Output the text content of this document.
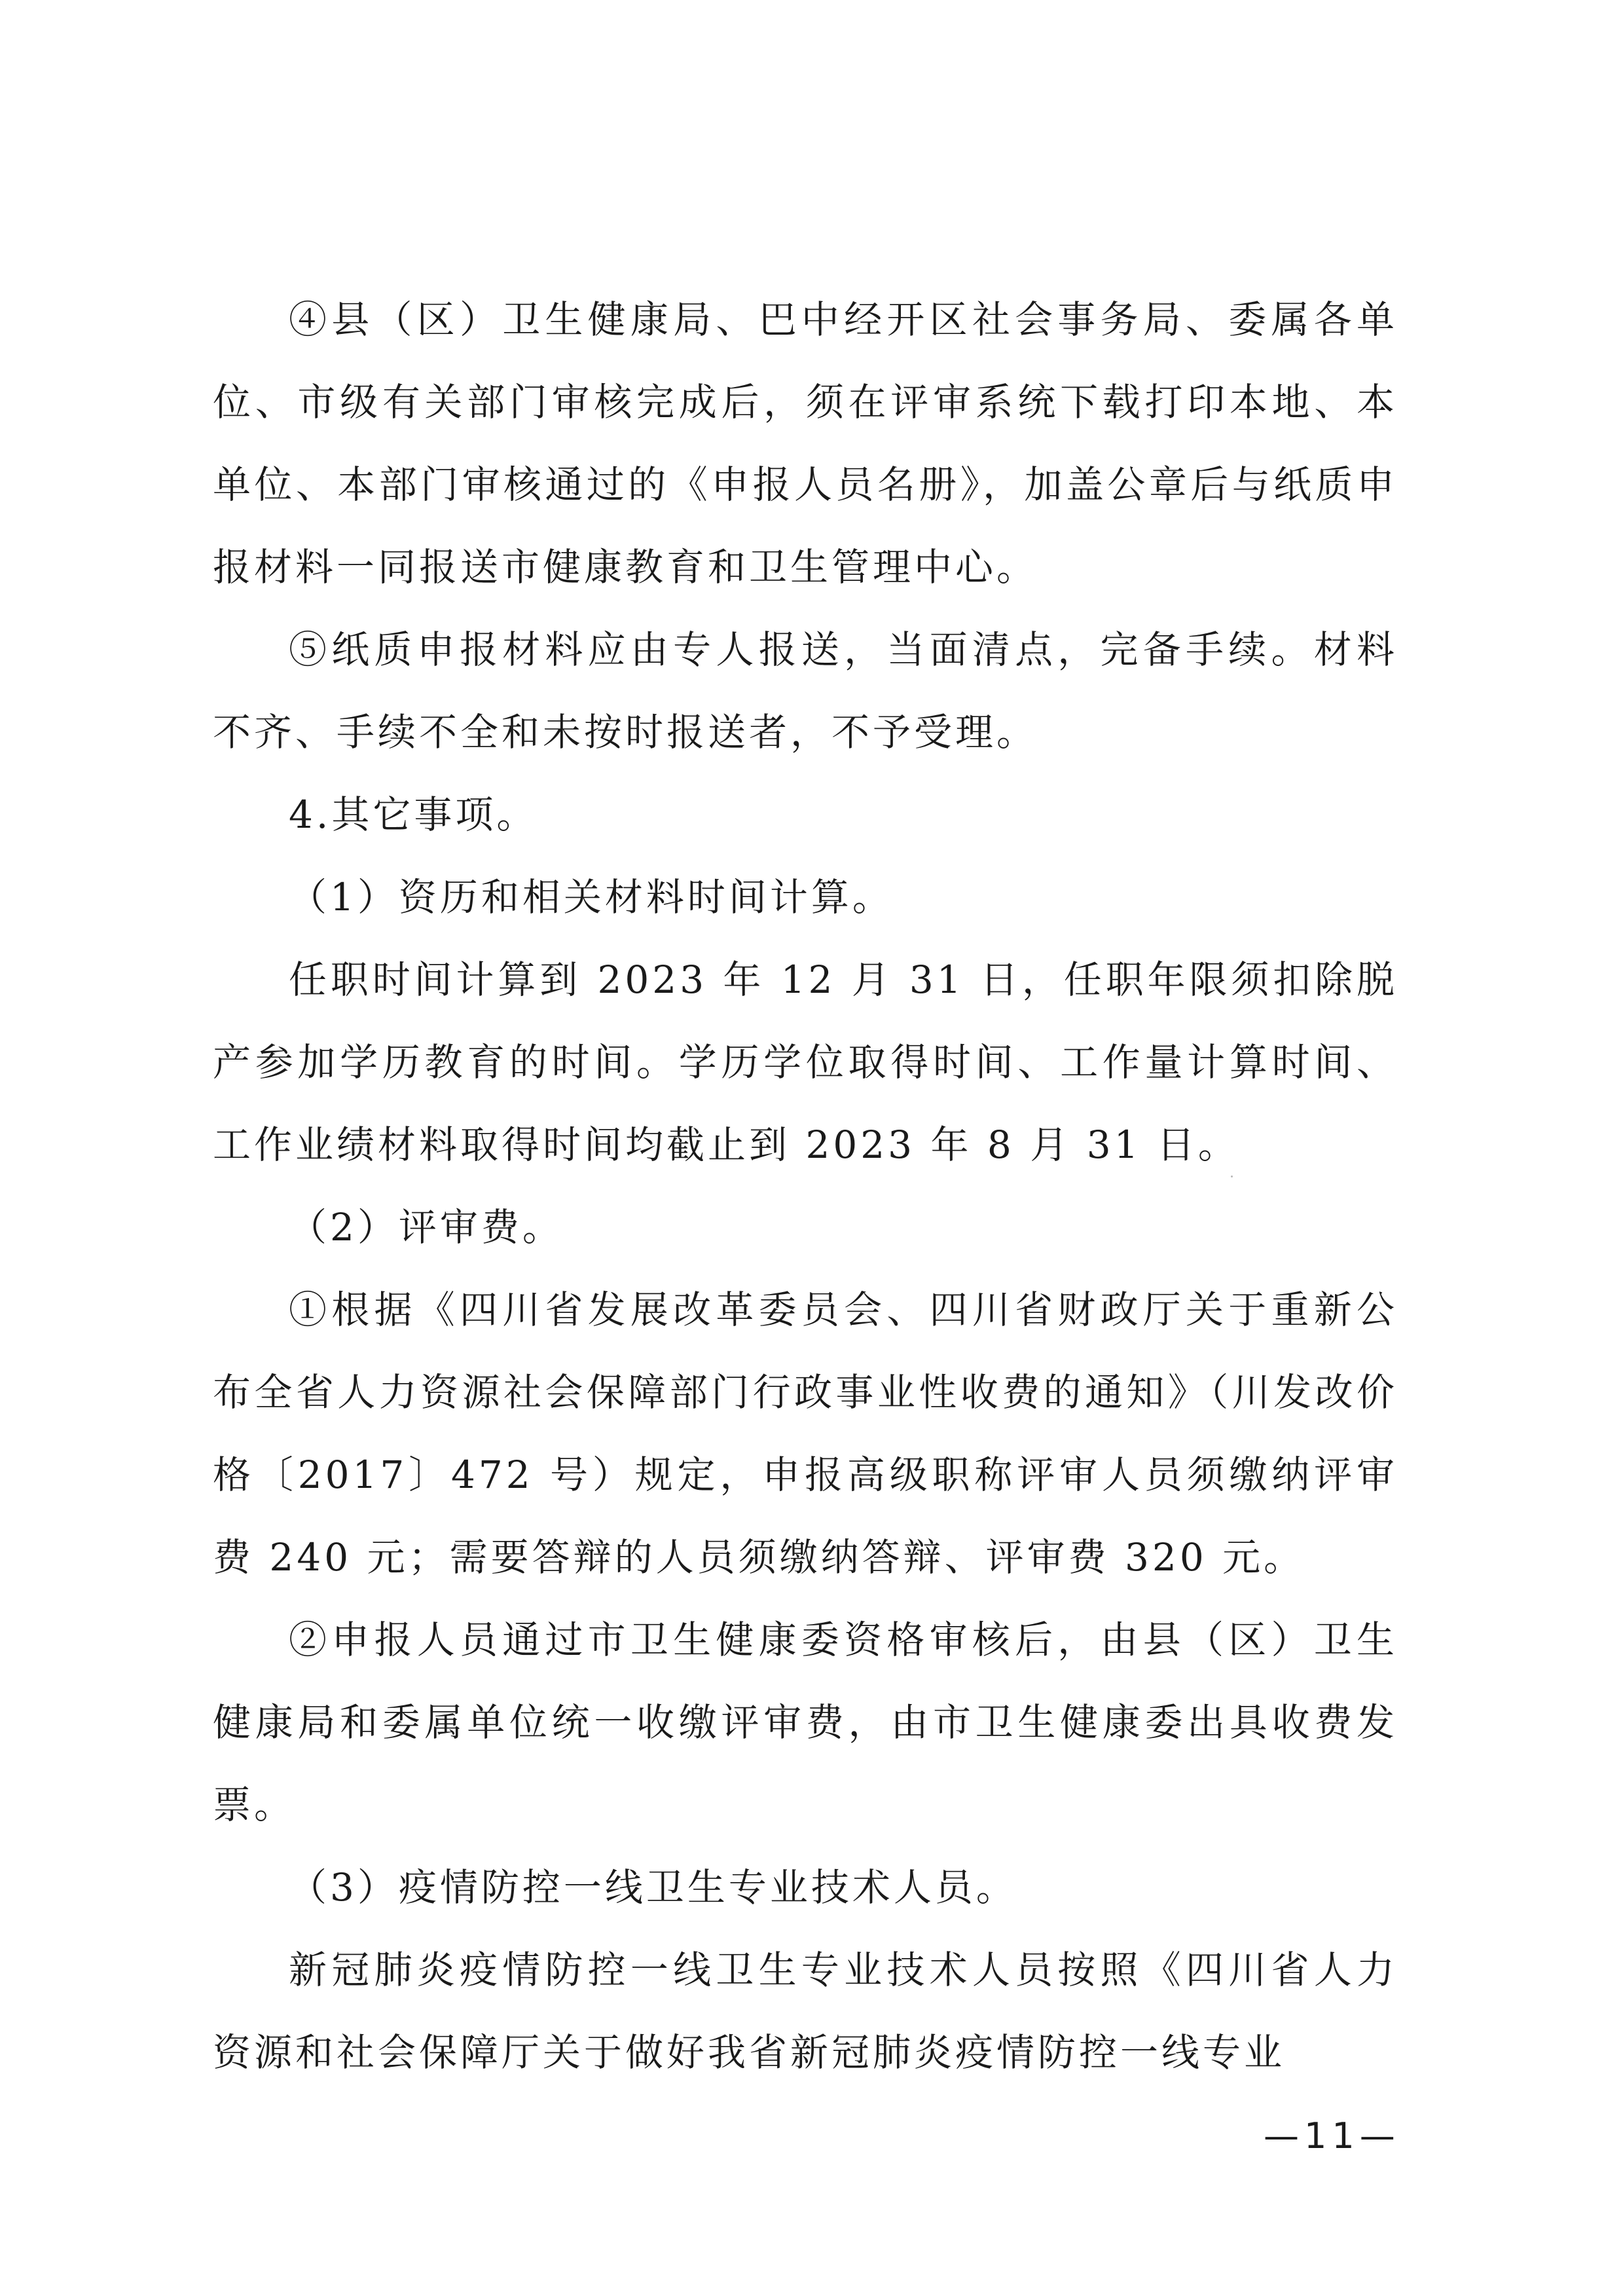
④县（区）卫生健康局、巴中经开区社会事务局、委属各单位、市级有关部门审核完成后，须在评审系统下载打印本地、本单位、本部门审核通过的《申报人员名册》，加盖公章后与纸质申报材料一同报送市健康教育和卫生管理中心。

⑤纸质申报材料应由专人报送，当面清点，完备手续。材料不齐、手续不全和未按时报送者，不予受理。

4.其它事项。

（1）资历和相关材料时间计算。

任职时间计算到 2023 年 12 月 31 日，任职年限须扣除脱产参加学历教育的时间。学历学位取得时间、工作量计算时间、工作业绩材料取得时间均截止到 2023 年 8 月 31 日。

（2）评审费。

①根据《四川省发展改革委员会、四川省财政厅关于重新公布全省人力资源社会保障部门行政事业性收费的通知》（川发改价格〔2017〕472 号）规定，申报高级职称评审人员须缴纳评审费 240 元；需要答辩的人员须缴纳答辩、评审费 320 元。

②申报人员通过市卫生健康委资格审核后，由县（区）卫生健康局和委属单位统一收缴评审费，由市卫生健康委出具收费发票。

（3）疫情防控一线卫生专业技术人员。

新冠肺炎疫情防控一线卫生专业技术人员按照《四川省人力资源和社会保障厅关于做好我省新冠肺炎疫情防控一线专业

—11—
